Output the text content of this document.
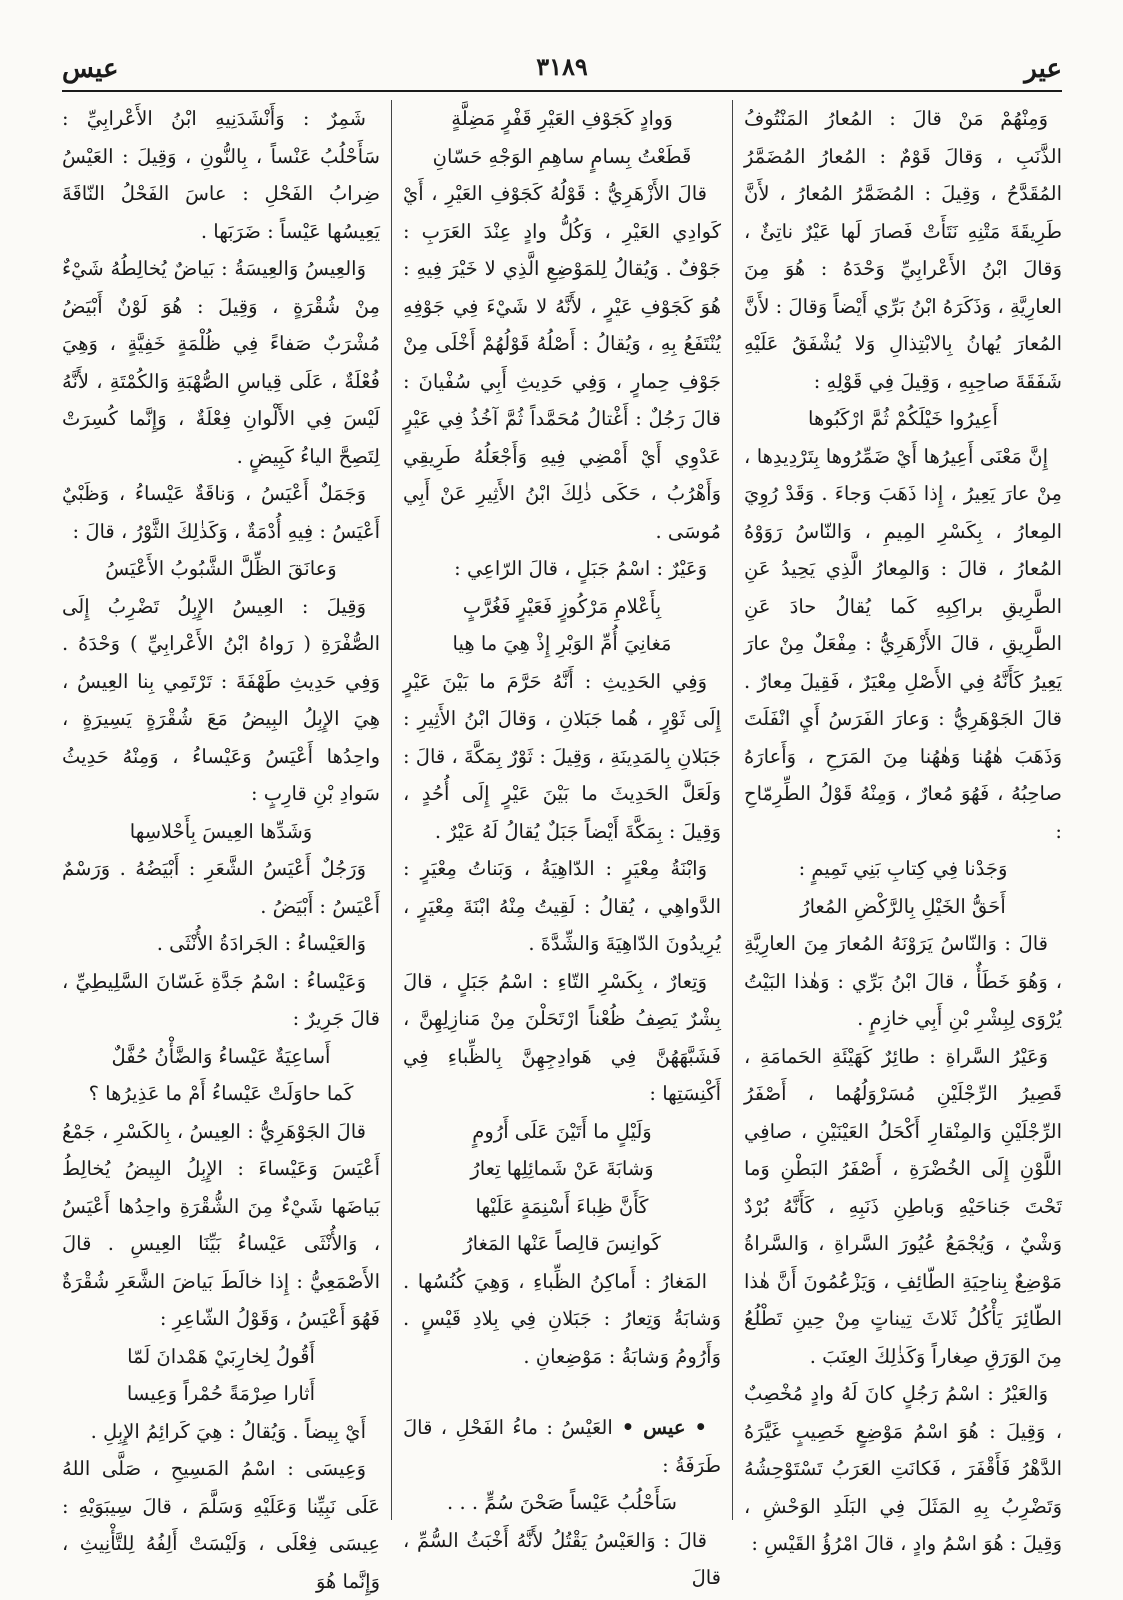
عير
٣١٨٩
عيس

وَمِنْهُمْ مَنْ قالَ : المُعارُ المَنْتُوفُ الذَّنَبِ ، وَقالَ قَوْمٌ : المُعارُ المُضَمَّرُ المُقَدَّحُ ، وَقِيلَ : المُضَمَّرُ المُعارُ ، لأَنَّ طَرِيقَةَ مَتْنِهِ نَتَأَتْ فَصارَ لَها عَيْرٌ ناتِئٌ ، وَقالَ ابْنُ الأَعْرابِيِّ وَحْدَهُ : هُوَ مِنَ العارِيَّةِ ، وَذَكَرَهُ ابْنُ بَرِّي أَيْضاً وَقالَ : لأَنَّ المُعارَ يُهانُ بِالابْتِذالِ وَلا يُشْفَقُ عَلَيْهِ شَفَقَةَ صاحِبِهِ ، وَقِيلَ فِي قَوْلِهِ :

أَعِيرُوا خَيْلَكُمْ ثُمَّ ارْكَبُوها

إِنَّ مَعْنَى أَعِيرُها أَيْ ضَمِّرُوها بِتَرْدِيدِها ، مِنْ عارَ يَعِيرُ ، إِذا ذَهَبَ وَجاءَ . وَقَدْ رُوِيَ المِعارُ ، بِكَسْرِ المِيمِ ، وَالنّاسُ رَوَوْهُ المُعارُ ، قالَ : وَالمِعارُ الَّذِي يَحِيدُ عَنِ الطَّرِيقِ براكِبِهِ كَما يُقالُ حادَ عَنِ الطَّرِيقِ ، قالَ الأَزْهَرِيُّ : مِفْعَلٌ مِنْ عارَ يَعِيرُ كَأَنَّهُ فِي الأَصْلِ مِعْيَرٌ ، فَقِيلَ مِعارٌ . قالَ الجَوْهَرِيُّ : وَعارَ الفَرَسُ أَيِ انْفَلَتَ وَذَهَبَ هٰهُنا وَهٰهُنا مِنَ المَرَحِ ، وَأَعارَهُ صاحِبُهُ ، فَهُوَ مُعارٌ ، وَمِنْهُ قَوْلُ الطِّرِمّاحِ :

وَجَدْنا فِي كِتابِ بَنِي تَمِيمٍ :

أَحَقُّ الخَيْلِ بِالرَّكْضِ المُعارُ

قالَ : وَالنّاسُ يَرَوْنَهُ المُعارَ مِنَ العارِيَّةِ ، وَهُوَ خَطَأٌ ، قالَ ابْنُ بَرِّي : وَهٰذا البَيْتُ يُرْوَى لِبِشْرِ بْنِ أَبِي خازِمٍ .

وَعَيْرُ السَّراةِ : طائِرٌ كَهَيْئَةِ الحَمامَةِ ، قَصِيرُ الرِّجْلَيْنِ مُسَرْوَلُهُما ، أَصْفَرُ الرِّجْلَيْنِ وَالمِنْقارِ أَكْحَلُ العَيْنَيْنِ ، صافِي اللَّوْنِ إِلَى الخُضْرَةِ ، أَصْفَرُ البَطْنِ وَما تَحْتَ جَناحَيْهِ وَباطِنِ ذَنَبِهِ ، كَأَنَّهُ بُرْدٌ وَشْيٌ ، وَيُجْمَعُ عُيُورَ السَّراةِ ، وَالسَّراةُ مَوْضِعٌ بِناحِيَةِ الطّائِفِ ، وَيَزْعُمُونَ أَنَّ هٰذا الطّائِرَ يَأْكُلُ ثَلاثَ تِيناتٍ مِنْ حِينِ تَطْلُعُ مِنَ الوَرَقِ صِغاراً وَكَذٰلِكَ العِنَبَ .

وَالعَيْرُ : اسْمُ رَجُلٍ كانَ لَهُ وادٍ مُخْصِبٌ ، وَقِيلَ : هُوَ اسْمُ مَوْضِعٍ خَصِيبٍ غَيَّرَهُ الدَّهْرُ فَأَقْفَرَ ، فَكانَتِ العَرَبُ تَسْتَوْحِشُهُ وَتَضْرِبُ بِهِ المَثَلَ فِي البَلَدِ الوَحْشِ ، وَقِيلَ : هُوَ اسْمُ وادٍ ، قالَ امْرُؤُ القَيْسِ :

وَوادٍ كَجَوْفِ العَيْرِ قَفْرٍ مَضِلَّةٍ

قَطَعْتُ بِسامٍ ساهِمِ الوَجْهِ حَسّانِ

قالَ الأَزْهَرِيُّ : قَوْلُهُ كَجَوْفِ العَيْرِ ، أَيْ كَوادِي العَيْرِ ، وَكُلُّ وادٍ عِنْدَ العَرَبِ : جَوْفٌ . وَيُقالُ لِلمَوْضِعِ الَّذِي لا خَيْرَ فِيهِ : هُوَ كَجَوْفِ عَيْرٍ ، لأَنَّهُ لا شَيْءَ فِي جَوْفِهِ يُنْتَفَعُ بِهِ ، وَيُقالُ : أَصْلُهُ قَوْلُهُمْ أَخْلَى مِنْ جَوْفِ حِمارٍ ، وَفِي حَدِيثِ أَبِي سُفْيانَ : قالَ رَجُلٌ : أَغْتالُ مُحَمَّداً ثُمَّ آخُذُ فِي عَيْرٍ عَدْوِي أَيْ أَمْضِي فِيهِ وَأَجْعَلُهُ طَرِيقِي وَأَهْرُبُ ، حَكَى ذٰلِكَ ابْنُ الأَثِيرِ عَنْ أَبِي مُوسَى .

وَعَيْرٌ : اسْمُ جَبَلٍ ، قالَ الرّاعِي :

بِأَعْلامِ مَرْكُوزٍ فَعَيْرٍ فَغُرَّبٍ

مَغانِيَ أُمِّ الوَبْرِ إِذْ هِيَ ما هِيا

وَفِي الحَدِيثِ : أَنَّهُ حَرَّمَ ما بَيْنَ عَيْرٍ إِلَى ثَوْرٍ ، هُما جَبَلانِ ، وَقالَ ابْنُ الأَثِيرِ : جَبَلانِ بِالمَدِينَةِ ، وَقِيلَ : ثَوْرٌ بِمَكَّةَ ، قالَ : وَلَعَلَّ الحَدِيثَ ما بَيْنَ عَيْرٍ إِلَى أُحُدٍ ، وَقِيلَ : بِمَكَّةَ أَيْضاً جَبَلٌ يُقالُ لَهُ عَيْرٌ .

وَابْنَةُ مِعْيَرٍ : الدّاهِيَةُ ، وَبَناتُ مِعْيَرٍ : الدَّواهِي ، يُقالُ : لَقِيتُ مِنْهُ ابْنَةَ مِعْيَرٍ ، يُرِيدُونَ الدّاهِيَةَ وَالشِّدَّةَ .

وَتِعارٌ ، بِكَسْرِ التّاءِ : اسْمُ جَبَلٍ ، قالَ بِشْرٌ يَصِفُ ظُعْناً ارْتَحَلْنَ مِنْ مَنازِلِهِنَّ ، فَشَبَّهَهُنَّ فِي هَوادِجِهِنَّ بِالظِّباءِ فِي أَكْنِسَتِها :

وَلَيْلٍ ما أَتَيْنَ عَلَى أَرُومٍ

وَشابَةَ عَنْ شَمائِلِها تِعارُ

كَأَنَّ ظِباءَ أَسْنِمَةٍ عَلَيْها

كَوانِسَ قالِصاً عَنْها المَغارُ

المَغارُ : أَماكِنُ الظِّباءِ ، وَهِيَ كُنُسُها . وَشابَةُ وَتِعارُ : جَبَلانِ فِي بِلادِ قَيْسٍ . وَأَرُومُ وَشابَةُ : مَوْضِعانِ .

• عيس • العَيْسُ : ماءُ الفَحْلِ ، قالَ طَرَفَةُ :

سَأَحْلُبُ عَيْساً صَحْنَ سُمٍّ . . .

قالَ : وَالعَيْسُ يَقْتُلُ لأَنَّهُ أَخْبَثُ السُّمِّ ، قالَ

شَمِرٌ : وَأَنْشَدَنِيهِ ابْنُ الأَعْرابِيِّ : سَأَحْلُبُ عَنْساً ، بِالنُّونِ ، وَقِيلَ : العَيْسُ ضِرابُ الفَحْلِ : عاسَ الفَحْلُ النّاقَةَ يَعِيسُها عَيْساً : ضَرَبَها .

وَالعِيسُ وَالعِيسَةُ : بَياضٌ يُخالِطُهُ شَيْءٌ مِنْ شُقْرَةٍ ، وَقِيلَ : هُوَ لَوْنٌ أَبْيَضُ مُشْرَبٌ صَفاءً فِي ظُلْمَةٍ خَفِيَّةٍ ، وَهِيَ فُعْلَةٌ ، عَلَى قِياسِ الصُّهْبَةِ وَالكُمْتَةِ ، لأَنَّهُ لَيْسَ فِي الأَلْوانِ فِعْلَةٌ ، وَإِنَّما كُسِرَتْ لِتَصِحَّ الياءُ كَبِيضٍ .

وَجَمَلٌ أَعْيَسُ ، وَناقَةٌ عَيْساءُ ، وَظَبْيٌ أَعْيَسُ : فِيهِ أُدْمَةٌ ، وَكَذٰلِكَ الثَّوْرُ ، قالَ :

وَعانَقَ الظِّلَّ الشَّبُوبُ الأَعْيَسُ

وَقِيلَ : العِيسُ الإِبِلُ تَضْرِبُ إِلَى الصُّفْرَةِ ( رَواهُ ابْنُ الأَعْرابِيِّ ) وَحْدَهُ . وَفِي حَدِيثِ طَهْفَةَ : تَرْتَمِي بِنا العِيسُ ، هِيَ الإِبِلُ البِيضُ مَعَ شُقْرَةٍ يَسِيرَةٍ ، واحِدُها أَعْيَسُ وَعَيْساءُ ، وَمِنْهُ حَدِيثُ سَوادِ بْنِ قارِبٍ :

وَشَدِّها العِيسَ بِأَحْلاسِها

وَرَجُلٌ أَعْيَسُ الشَّعَرِ : أَبْيَضُهُ . وَرَسْمٌ أَعْيَسُ : أَبْيَضُ .

وَالعَيْساءُ : الجَرادَةُ الأُنْثَى .

وَعَيْساءُ : اسْمُ جَدَّةِ غَسّانَ السَّلِيطِيِّ ، قالَ جَرِيرٌ :

أَساعِيَةٌ عَيْساءُ وَالضَّأْنُ حُفَّلٌ

كَما حاوَلَتْ عَيْساءُ أَمْ ما عَذِيرُها ؟

قالَ الجَوْهَرِيُّ : العِيسُ ، بِالكَسْرِ ، جَمْعُ أَعْيَسَ وَعَيْساءَ : الإِبِلُ البِيضُ يُخالِطُ بَياضَها شَيْءٌ مِنَ الشُّقْرَةِ واحِدُها أَعْيَسُ ، وَالأُنْثَى عَيْساءُ بَيِّنَا العِيسِ . قالَ الأَصْمَعِيُّ : إِذا خالَطَ بَياضَ الشَّعَرِ شُقْرَةٌ فَهُوَ أَعْيَسُ ، وَقَوْلُ الشّاعِرِ :

أَقُولُ لِخارِبَيْ هَمْدانَ لَمّا

أَثارا صِرْمَةً حُمْراً وَعِيسا

أَيْ بِيضاً . وَيُقالُ : هِيَ كَرائِمُ الإِبِلِ .

وَعِيسَى : اسْمُ المَسِيحِ ، صَلَّى اللهُ عَلَى نَبِيِّنا وَعَلَيْهِ وَسَلَّمَ ، قالَ سِيبَوَيْهِ : عِيسَى فِعْلَى ، وَلَيْسَتْ أَلِفُهُ لِلتَّأْنِيثِ ، وَإِنَّما هُوَ
